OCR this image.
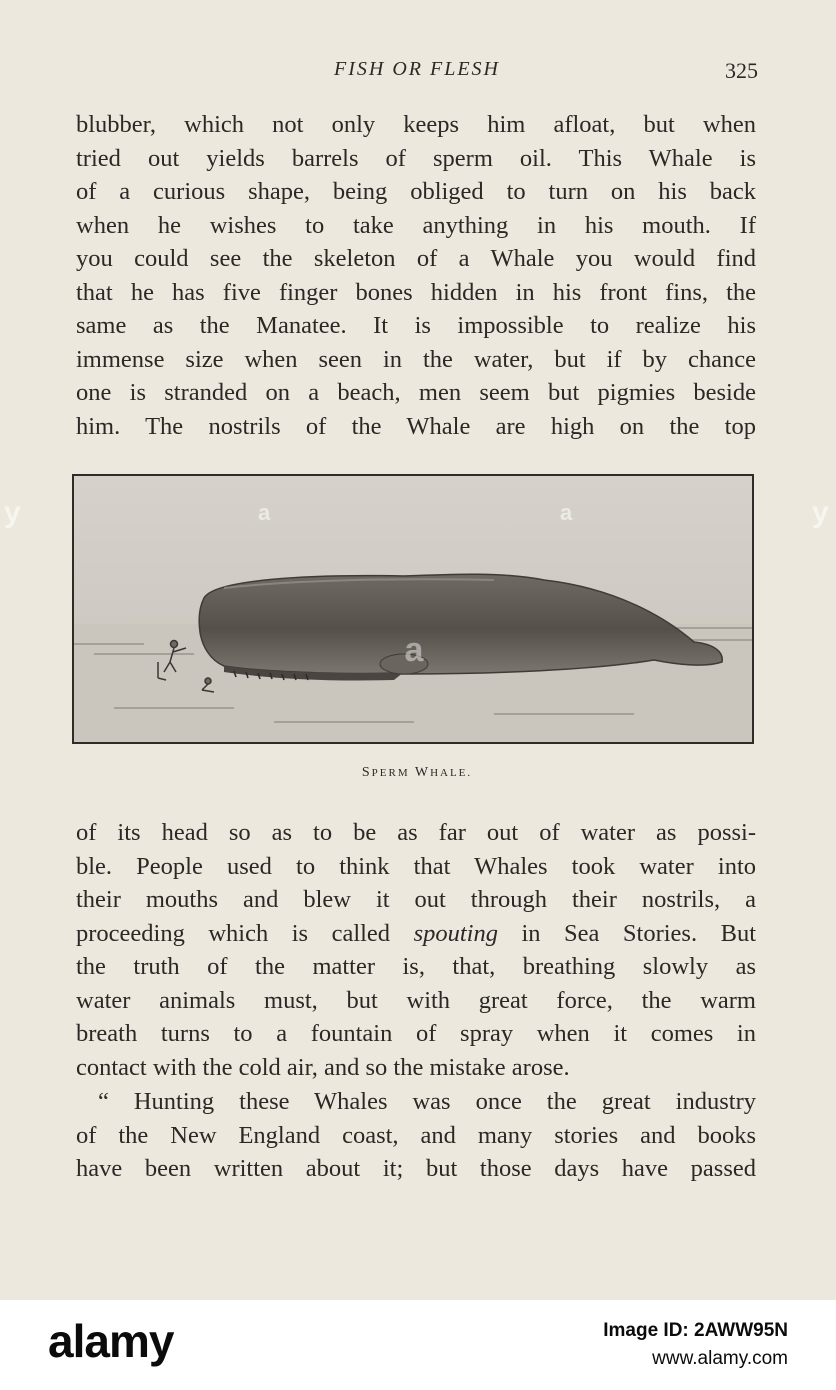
FISH OR FLESH	325
blubber, which not only keeps him afloat, but when
tried out yields barrels of sperm oil. This Whale is
of a curious shape, being obliged to turn on his back
when he wishes to take anything in his mouth. If
you could see the skeleton of a Whale you would find
that he has five finger bones hidden in his front fins, the
same as the Manatee. It is impossible to realize his
immense size when seen in the water, but if by chance
one is stranded on a beach, men seem but pigmies beside
him. The nostrils of the Whale are high on the top
a
SPERM WHALE.
of its head so as to be as far out of water as possi-
ble. People used to think that Whales took water into
their mouths and blew it out through their nostrils, a
proceeding which is called spouting in Sea Stories. But
the truth of the matter is, that, breathing slowly as
water animals must, but with great force, the warm
breath turns to a fountain of spray when it comes in
contact with the cold air, and so the mistake arose.
“ Hunting these Whales was once the great industry
of the New England coast, and many stories and books
have been written about it; but those days have passed
y	y
a	a
alamy	Image ID: 2AWW95N
www.alamy.com
